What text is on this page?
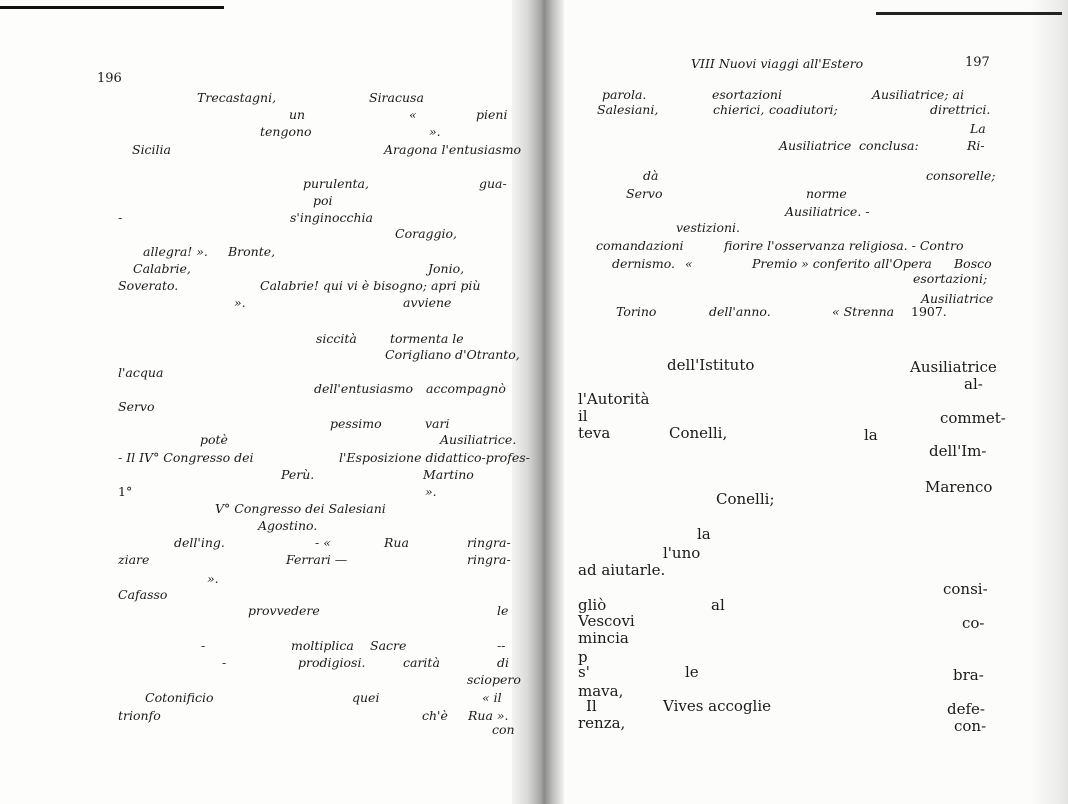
196
Trecastagni,	Siracusa
un	«	pieni
tengono	».
Sicilia	Aragona l'entusiasmo
purulenta,	gua-
poi
-	s'inginocchia
Coraggio,
allegra! ». Bronte,
Calabrie,	Jonio,
Soverato.	Calabrie! qui vi è bisogno; apri più
».	avviene
siccità	tormenta le
Corigliano d'Otranto,
l'acqua
dell'entusiasmo accompagnò
Servo
pessimo	vari
potè	Ausiliatrice.
- Il IV° Congresso dei	l'Esposizione didattico-profes-
Perù.	Martino
1°	».
V° Congresso dei Salesiani
Agostino.
dell'ing.	- «	Rua	ringra-
ziare	Ferrari —	ringra-
».
Cafasso
provvedere	le
-	moltiplica Sacre	--
-	prodigiosi.	carità	di
sciopero
Cotonificio	quei	« il
trionfo	ch'è Rua ».
con
VIII Nuovi viaggi all'Estero	197
parola.	esortazioni	Ausiliatrice; ai
Salesiani,	chierici, coadiutori;	direttrici.
La
Ausiliatrice conclusa:	Ri-
dà	consorelle;
Servo	norme
Ausiliatrice. -
vestizioni.
comandazioni	fiorire l'osservanza religiosa. - Contro
dernismo. «	Premio » conferito all'Opera Bosco
esortazioni;
Ausiliatrice
Torino	dell'anno.	« Strenna 1907.
dell'Istituto	Ausiliatrice
al-
l'Autorità
il	commet-
teva	Conelli,	la
dell'Im-
Marenco
Conelli;
la
l'uno
ad aiutarle.
consi-
gliò	al
Vescovi	co-
mincia
p
s'	le	bra-
mava,
Il	Vives accoglie	defe-
renza,	con-
